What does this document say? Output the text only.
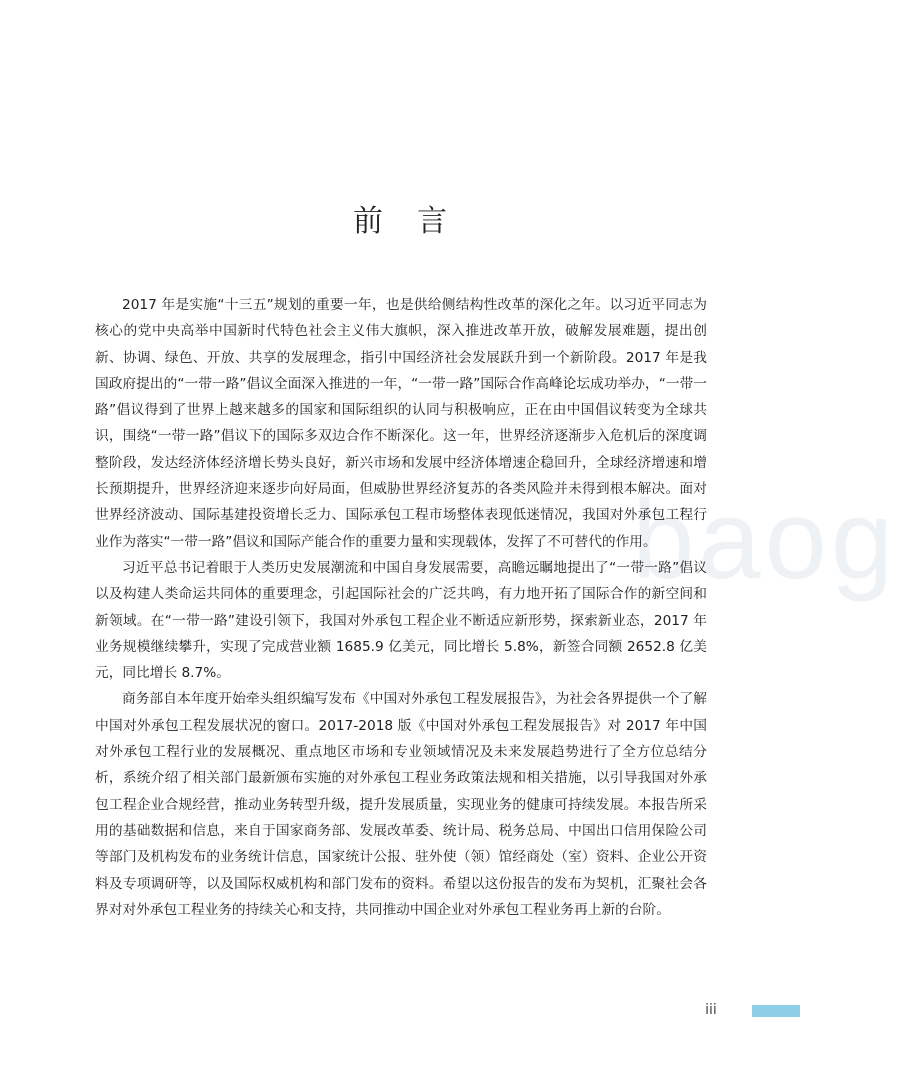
baog
前言

2017 年是实施“十三五”规划的重要一年，也是供给侧结构性改革的深化之年。以习近平同志为核心的党中央高举中国新时代特色社会主义伟大旗帜，深入推进改革开放，破解发展难题，提出创新、协调、绿色、开放、共享的发展理念，指引中国经济社会发展跃升到一个新阶段。2017 年是我国政府提出的“一带一路”倡议全面深入推进的一年，“一带一路”国际合作高峰论坛成功举办，“一带一路”倡议得到了世界上越来越多的国家和国际组织的认同与积极响应，正在由中国倡议转变为全球共识，围绕“一带一路”倡议下的国际多双边合作不断深化。这一年，世界经济逐渐步入危机后的深度调整阶段，发达经济体经济增长势头良好，新兴市场和发展中经济体增速企稳回升，全球经济增速和增长预期提升，世界经济迎来逐步向好局面，但威胁世界经济复苏的各类风险并未得到根本解决。面对世界经济波动、国际基建投资增长乏力、国际承包工程市场整体表现低迷情况，我国对外承包工程行业作为落实“一带一路”倡议和国际产能合作的重要力量和实现载体，发挥了不可替代的作用。

习近平总书记着眼于人类历史发展潮流和中国自身发展需要，高瞻远瞩地提出了“一带一路”倡议以及构建人类命运共同体的重要理念，引起国际社会的广泛共鸣，有力地开拓了国际合作的新空间和新领域。在“一带一路”建设引领下，我国对外承包工程企业不断适应新形势，探索新业态，2017 年业务规模继续攀升，实现了完成营业额 1685.9 亿美元，同比增长 5.8%，新签合同额 2652.8 亿美元，同比增长 8.7%。

商务部自本年度开始牵头组织编写发布《中国对外承包工程发展报告》，为社会各界提供一个了解中国对外承包工程发展状况的窗口。2017-2018 版《中国对外承包工程发展报告》对 2017 年中国对外承包工程行业的发展概况、重点地区市场和专业领域情况及未来发展趋势进行了全方位总结分析，系统介绍了相关部门最新颁布实施的对外承包工程业务政策法规和相关措施，以引导我国对外承包工程企业合规经营，推动业务转型升级，提升发展质量，实现业务的健康可持续发展。本报告所采用的基础数据和信息，来自于国家商务部、发展改革委、统计局、税务总局、中国出口信用保险公司等部门及机构发布的业务统计信息，国家统计公报、驻外使（领）馆经商处（室）资料、企业公开资料及专项调研等，以及国际权威机构和部门发布的资料。希望以这份报告的发布为契机，汇聚社会各界对对外承包工程业务的持续关心和支持，共同推动中国企业对外承包工程业务再上新的台阶。

iii
